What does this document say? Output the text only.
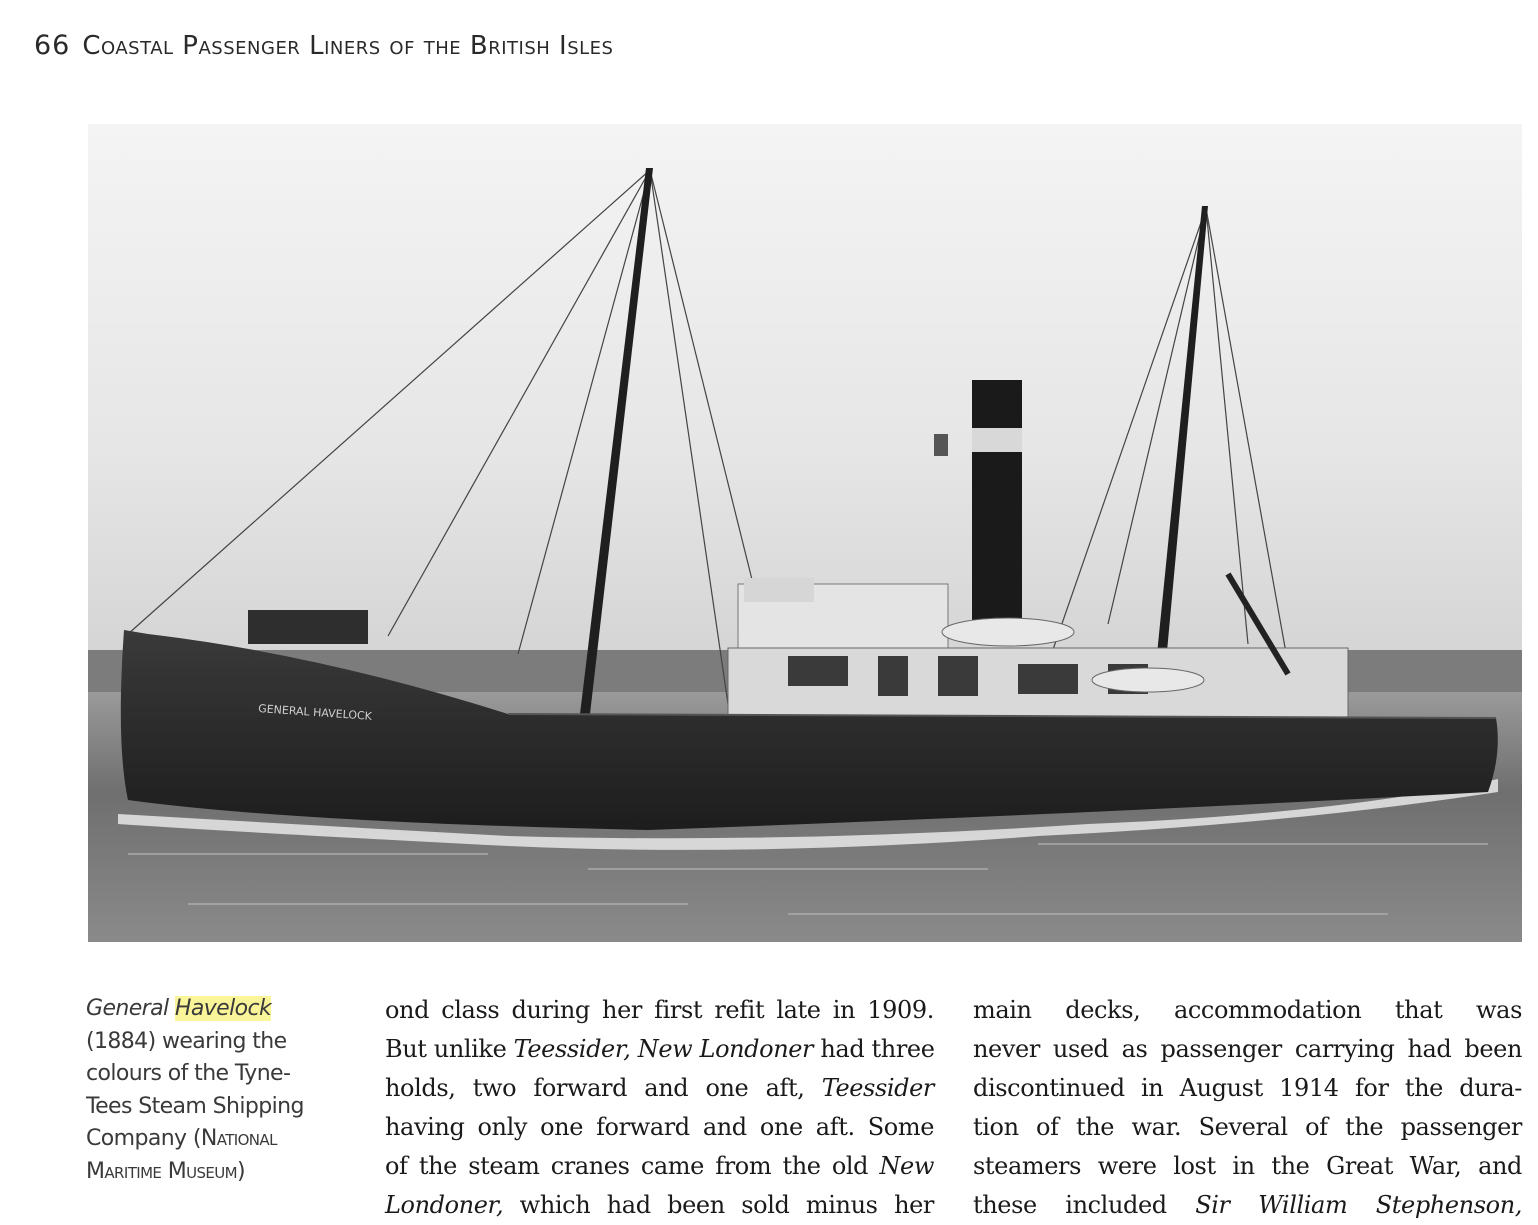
66 Coastal Passenger Liners of the British Isles
GENERAL HAVELOCK
General Havelock
(1884) wearing the
colours of the Tyne-
Tees Steam Shipping
Company (National
Maritime Museum)
ond class during her first refit late in 1909.
But unlike Teessider, New Londoner had three
holds, two forward and one aft, Teessider
having only one forward and one aft. Some
of the steam cranes came from the old New
Londoner, which had been sold minus her
main decks, accommodation that was
never used as passenger carrying had been
discontinued in August 1914 for the dura-
tion of the war. Several of the passenger
steamers were lost in the Great War, and
these included Sir William Stephenson,
